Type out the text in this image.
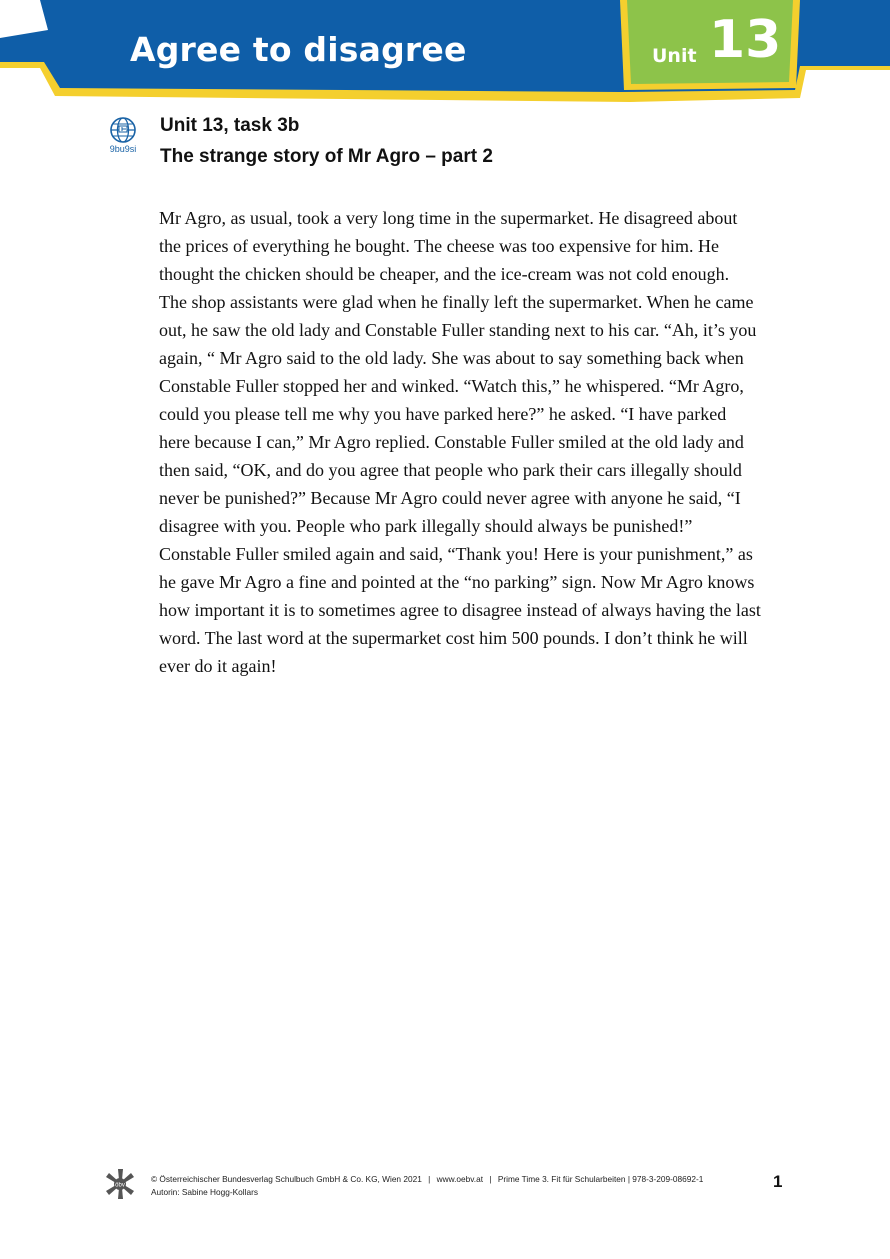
Agree to disagree	Unit 13
9bu9si
Unit 13, task 3b
The strange story of Mr Agro – part 2
Mr Agro, as usual, took a very long time in the supermarket. He disagreed about
the prices of everything he bought. The cheese was too expensive for him. He
thought the chicken should be cheaper, and the ice-cream was not cold enough.
The shop assistants were glad when he finally left the supermarket. When he came
out, he saw the old lady and Constable Fuller standing next to his car. “Ah, it’s you
again, “ Mr Agro said to the old lady. She was about to say something back when
Constable Fuller stopped her and winked. “Watch this,” he whispered. “Mr Agro,
could you please tell me why you have parked here?” he asked. “I have parked
here because I can,” Mr Agro replied. Constable Fuller smiled at the old lady and
then said, “OK, and do you agree that people who park their cars illegally should
never be punished?” Because Mr Agro could never agree with anyone he said, “I
disagree with you. People who park illegally should always be punished!”
Constable Fuller smiled again and said, “Thank you! Here is your punishment,” as
he gave Mr Agro a fine and pointed at the “no parking” sign. Now Mr Agro knows
how important it is to sometimes agree to disagree instead of always having the last
word. The last word at the supermarket cost him 500 pounds. I don’t think he will
ever do it again!
öbv
© Österreichischer Bundesverlag Schulbuch GmbH & Co. KG, Wien 2021 | www.oebv.at | Prime Time 3. Fit für Schularbeiten | 978-3-209-08692-1
Autorin: Sabine Hogg-Kollars
1
